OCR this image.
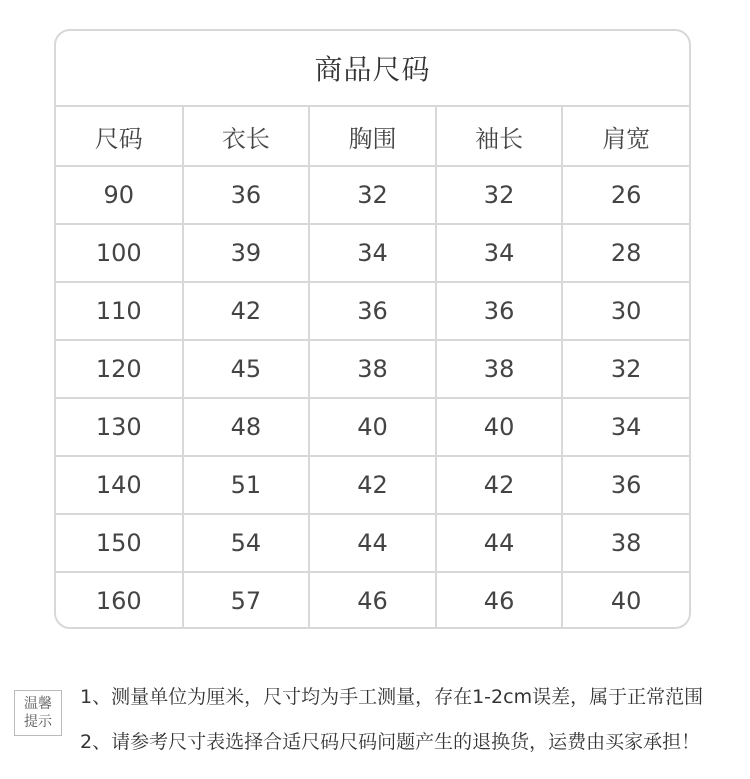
商品尺码
尺码	衣长	胸围	袖长	肩宽
90	36	32	32	26
100	39	34	34	28
110	42	36	36	30
120	45	38	38	32
130	48	40	40	34
140	51	42	42	36
150	54	44	44	38
160	57	46	46	40
温馨
提示
1、测量单位为厘米，尺寸均为手工测量，存在1-2cm误差，属于正常范围
2、请参考尺寸表选择合适尺码尺码问题产生的退换货，运费由买家承担！
